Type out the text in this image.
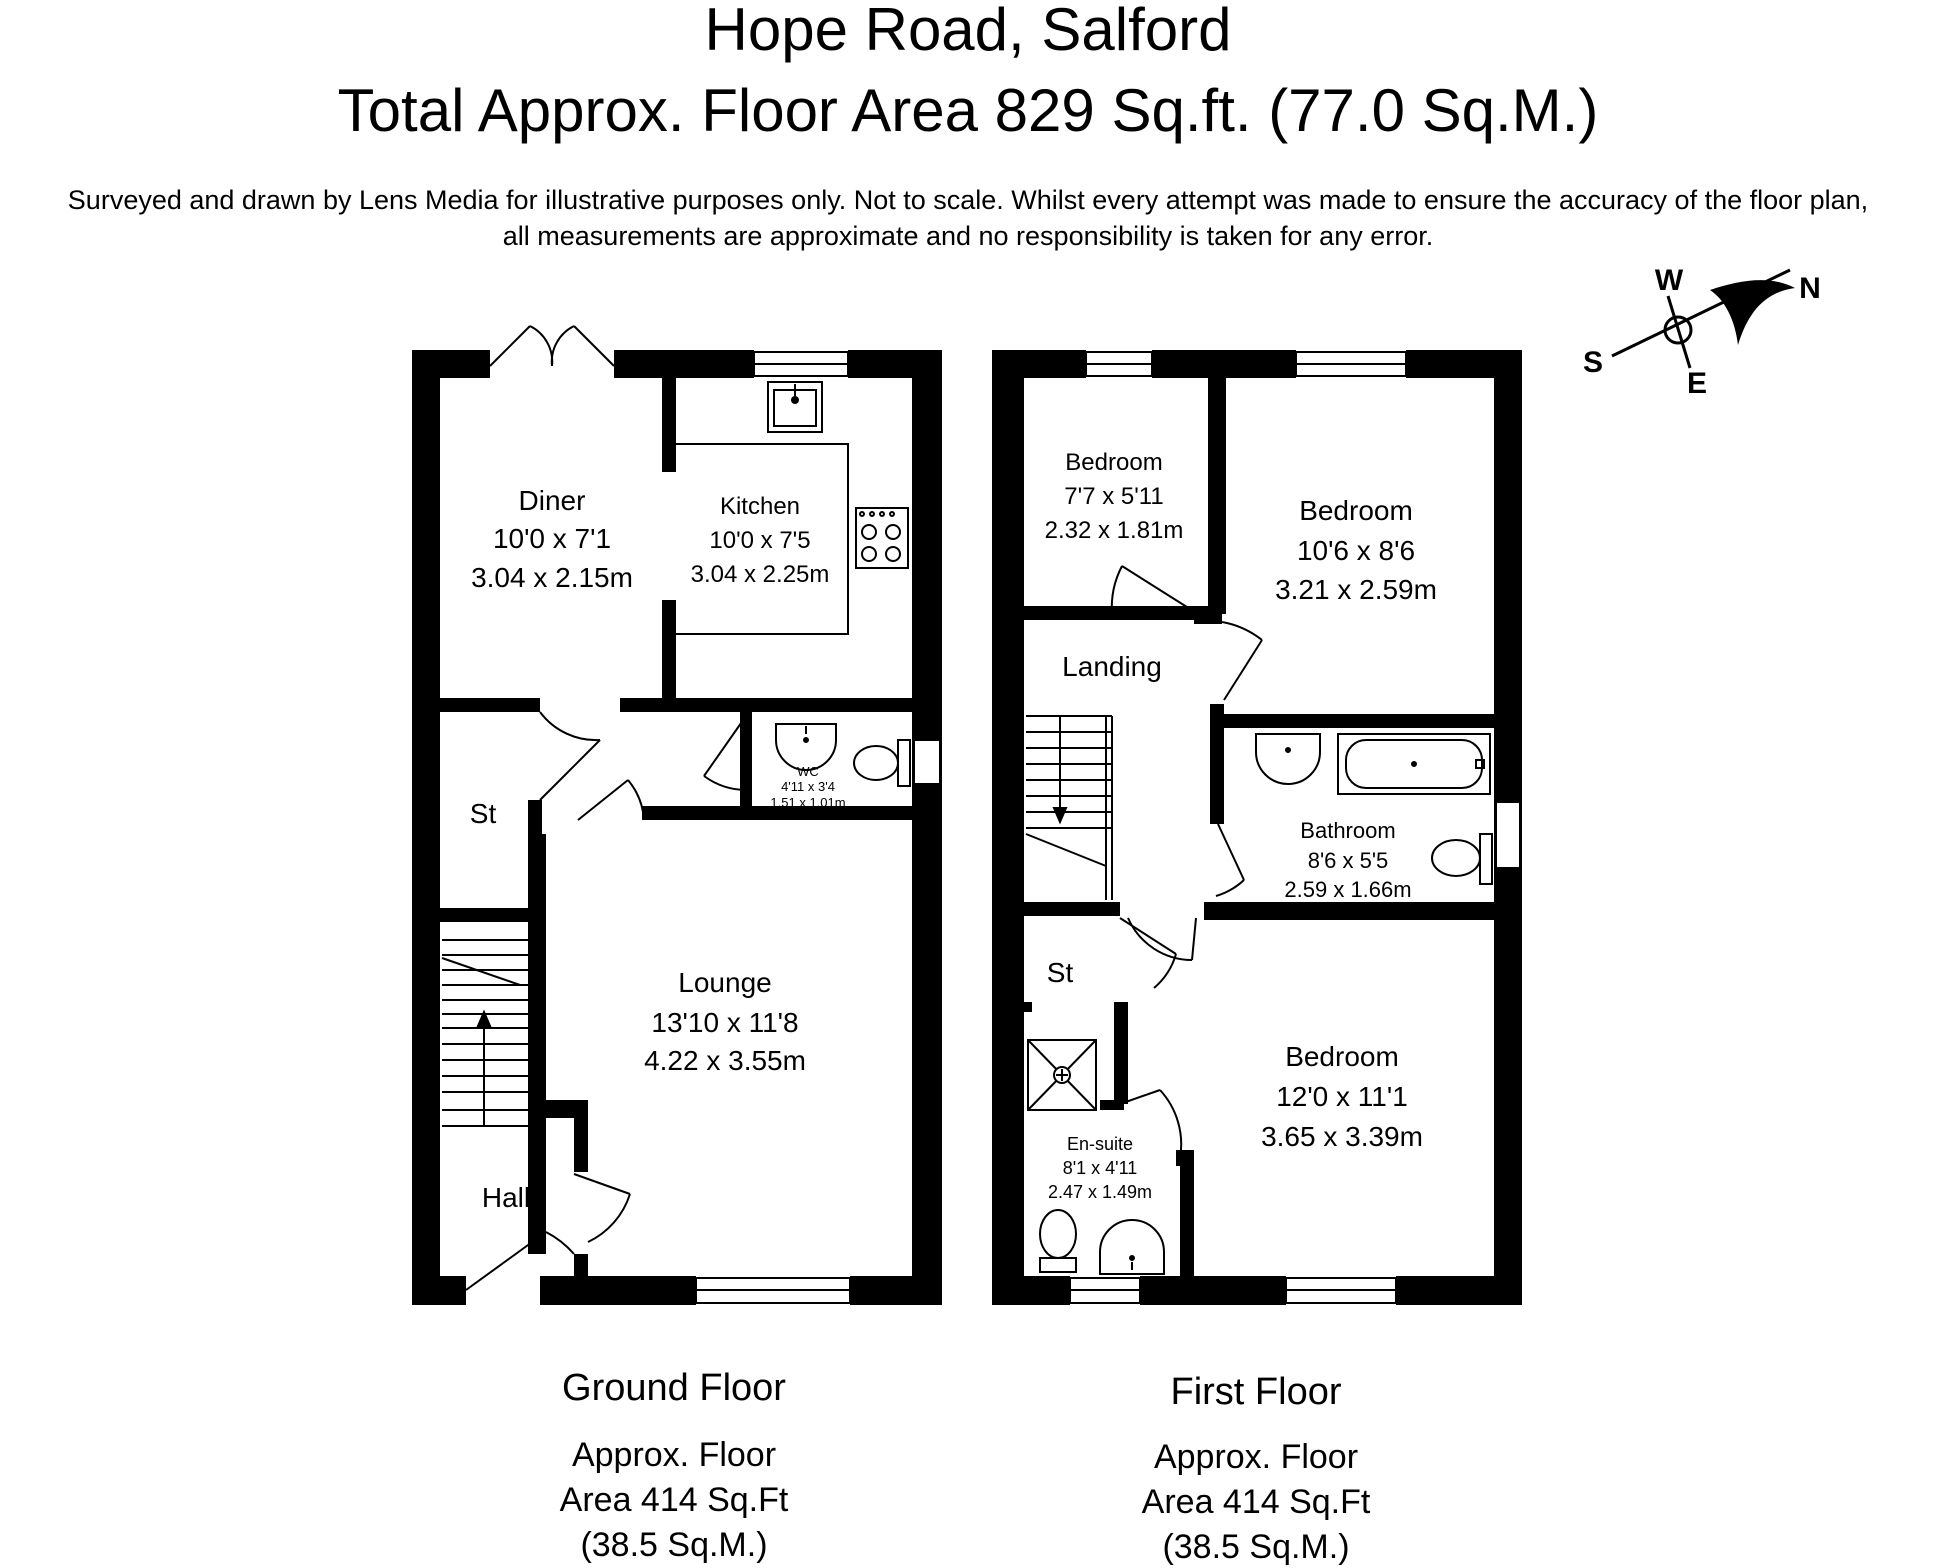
Hope Road, Salford
Total Approx. Floor Area 829 Sq.ft. (77.0 Sq.M.)
Surveyed and drawn by Lens Media for illustrative purposes only. Not to scale. Whilst every attempt was made to ensure the accuracy of the floor plan,
all measurements are approximate and no responsibility is taken for any error.
W	N
S
E
Diner
10'0 x 7'1
3.04 x 2.15m
Kitchen
10'0 x 7'5
3.04 x 2.25m
WC
4'11 x 3'4
1.51 x 1.01m
St
Lounge
13'10 x 11'8
4.22 x 3.55m
Hall
Bedroom
7'7 x 5'11
2.32 x 1.81m
Bedroom
10'6 x 8'6
3.21 x 2.59m
Landing
Bathroom
8'6 x 5'5
2.59 x 1.66m
St
En-suite
8'1 x 4'11
2.47 x 1.49m
Bedroom
12'0 x 11'1
3.65 x 3.39m
Ground Floor
Approx. Floor
Area 414 Sq.Ft
(38.5 Sq.M.)
First Floor
Approx. Floor
Area 414 Sq.Ft
(38.5 Sq.M.)
